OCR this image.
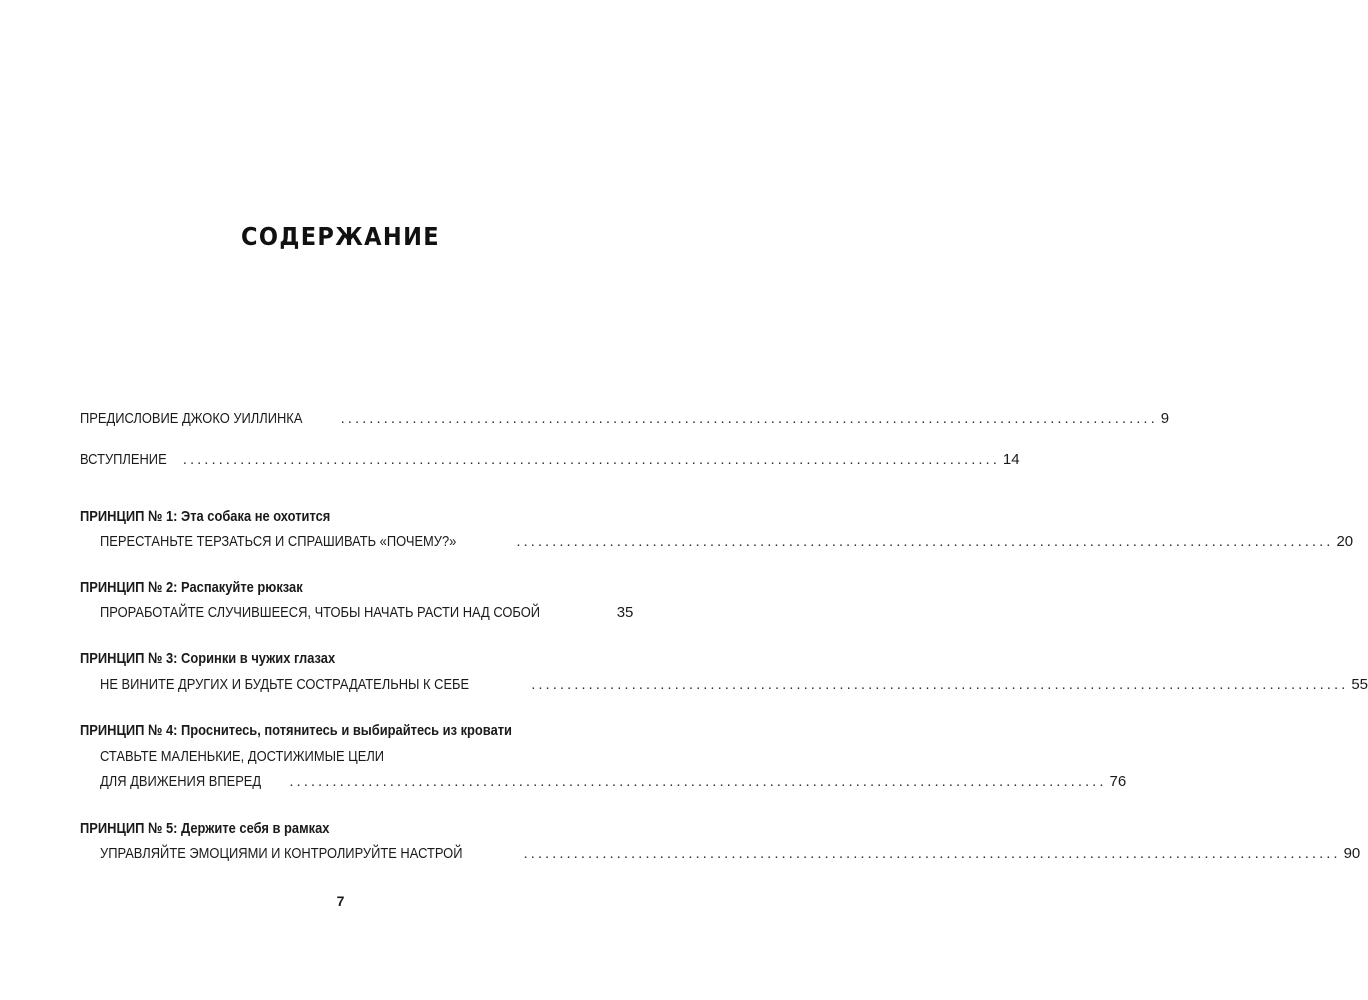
СОДЕРЖАНИЕ
ПРЕДИСЛОВИЕ ДЖОКО УИЛЛИНКА	.................................................................................................................. 9
ВСТУПЛЕНИЕ .................................................................................................................. 14
ПРИНЦИП № 1: Эта собака не охотится
ПЕРЕСТАНЬТЕ ТЕРЗАТЬСЯ И СПРАШИВАТЬ «ПОЧЕМУ?»	.................................................................................................................. 20
ПРИНЦИП № 2: Распакуйте рюкзак
ПРОРАБОТАЙТЕ СЛУЧИВШЕЕСЯ, ЧТОБЫ НАЧАТЬ РАСТИ НАД СОБОЙ	35
ПРИНЦИП № 3: Соринки в чужих глазах
НЕ ВИНИТЕ ДРУГИХ И БУДЬТЕ СОСТРАДАТЕЛЬНЫ К СЕБЕ	.................................................................................................................. 55
ПРИНЦИП № 4: Проснитесь, потянитесь и выбирайтесь из кровати
СТАВЬТЕ МАЛЕНЬКИЕ, ДОСТИЖИМЫЕ ЦЕЛИ
ДЛЯ ДВИЖЕНИЯ ВПЕРЕД .................................................................................................................. 76
ПРИНЦИП № 5: Держите себя в рамках
УПРАВЛЯЙТЕ ЭМОЦИЯМИ И КОНТРОЛИРУЙТЕ НАСТРОЙ	.................................................................................................................. 90
7
